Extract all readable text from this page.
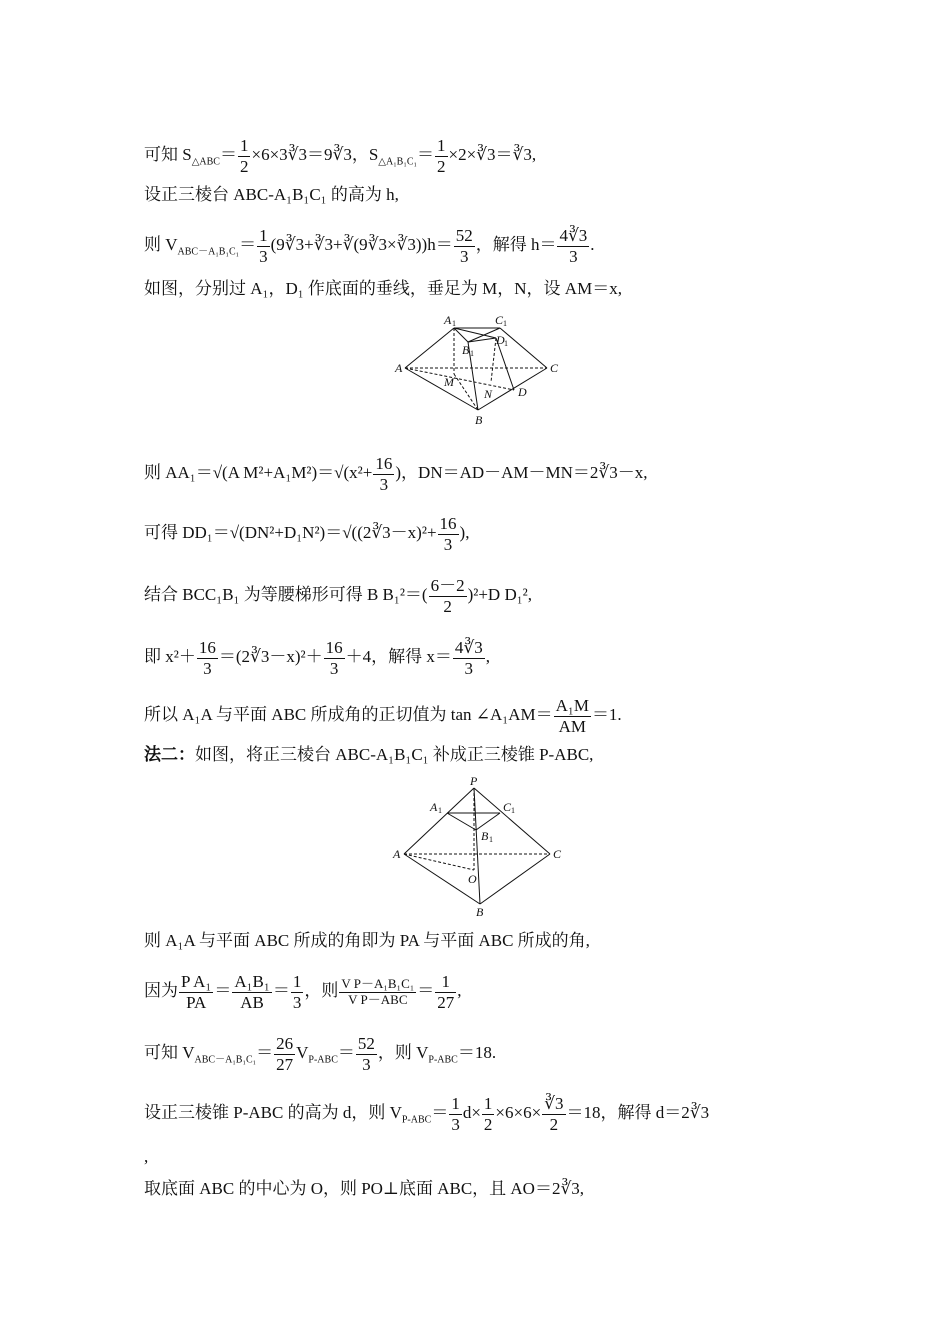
可知 $S_{\triangle ABC}= \frac{1}{2}$ ×6×3∛3＝9∛3，$S_{\triangle A_1B_1C_1}= \frac{1}{2}$ ×2×∛3＝∛3,
设正三棱台 ABC-A₁B₁C₁ 的高为 h,
则 $V_{ABC-A_1B_1C_1}= \frac{1}{3}$ (9∛3+∛3+∛(9∛3×∛3))h＝ $\frac{52}{3}$ ，解得 $h= \frac{4∛3}{3}$ .
如图，分别过 A₁，D₁ 作底面的垂线，垂足为 M，N，设 AM＝x,
A 1	C 1
B 1
D 1
A	C
M
N D
B
则 AA₁＝√(A $M^2+A_1M^2)=√(x^2+ \frac{16}{3}$ )，DN＝AD－AM－MN＝2∛3－x,
可得 DD₁＝√(DN²+D₁N²)＝√((2∛3－x)²+ $\frac{16}{3}$ ),
结合 BCC₁B₁ 为等腰梯形可得 B $B_1^2=( \frac{6-2}{2} )^2+D$ D₁²,
即 $x^2+ \frac{16}{3}$ ＝(2∛3－x)²＋ $\frac{16}{3} +4$，解得 $x= \frac{4∛3}{3}$ ,
所以 A₁A 与平面 ABC 所成角的正切值为 tan ∠A₁AM＝ $\frac{\text{A₁M}}{AM} =1$.
法二：如图，将正三棱台 ABC-A₁B₁C₁ 补成正三棱锥 P-ABC,
P
A 1	C 1
B 1
A	C
O
B
则 A₁A 与平面 ABC 所成的角即为 PA 与平面 ABC 所成的角,
因为 $\frac{\text{P A₁}}{PA} = \frac{\text{A₁B₁}}{AB} = \frac{1}{3}$ ，则 $\frac{\text{V P－A₁B₁C₁}}{\text{V P－ABC}} = \frac{1}{27}$ ,
可知 $V_{ABC-A_1B_1C_1}= \frac{26}{27} V_{P-ABC}= \frac{52}{3}$ ，则 $V_{P-ABC}=18$.
设正三棱锥 P-ABC 的高为 d，则 $V_{P-ABC}= \frac{1}{3} d\times \frac{1}{2} \times 6\times 6\times \frac{∛3}{2} =18$，解得 d＝2∛3
,
取底面 ABC 的中心为 O，则 PO⊥底面 ABC，且 AO＝2∛3,
